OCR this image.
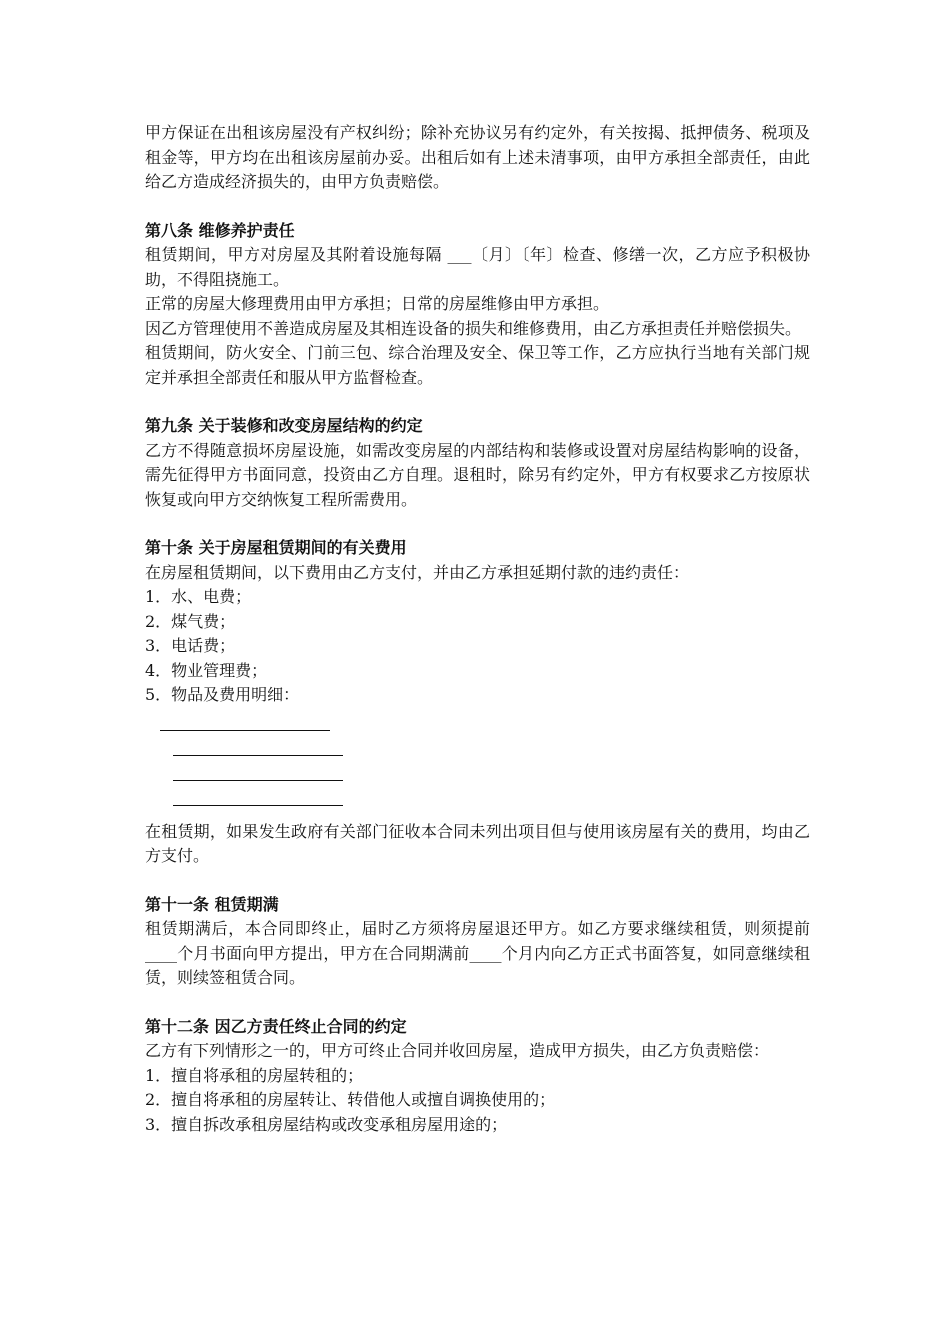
甲方保证在出租该房屋没有产权纠纷；除补充协议另有约定外，有关按揭、抵押债务、税项及租金等，甲方均在出租该房屋前办妥。出租后如有上述未清事项，由甲方承担全部责任，由此给乙方造成经济损失的，由甲方负责赔偿。

第八条 维修养护责任

租赁期间，甲方对房屋及其附着设施每隔 ___〔月〕〔年〕检查、修缮一次，乙方应予积极协助，不得阻挠施工。

正常的房屋大修理费用由甲方承担；日常的房屋维修由甲方承担。

因乙方管理使用不善造成房屋及其相连设备的损失和维修费用，由乙方承担责任并赔偿损失。

租赁期间，防火安全、门前三包、综合治理及安全、保卫等工作，乙方应执行当地有关部门规定并承担全部责任和服从甲方监督检查。

第九条 关于装修和改变房屋结构的约定

乙方不得随意损坏房屋设施，如需改变房屋的内部结构和装修或设置对房屋结构影响的设备，需先征得甲方书面同意，投资由乙方自理。退租时，除另有约定外，甲方有权要求乙方按原状恢复或向甲方交纳恢复工程所需费用。

第十条 关于房屋租赁期间的有关费用

在房屋租赁期间，以下费用由乙方支付，并由乙方承担延期付款的违约责任：

1．水、电费；

2．煤气费；

3．电话费；

4．物业管理费；

5．物品及费用明细：

在租赁期，如果发生政府有关部门征收本合同未列出项目但与使用该房屋有关的费用，均由乙方支付。

第十一条 租赁期满

租赁期满后，本合同即终止，届时乙方须将房屋退还甲方。如乙方要求继续租赁，则须提前____个月书面向甲方提出，甲方在合同期满前____个月内向乙方正式书面答复，如同意继续租赁，则续签租赁合同。

第十二条 因乙方责任终止合同的约定

乙方有下列情形之一的，甲方可终止合同并收回房屋，造成甲方损失，由乙方负责赔偿：

1．擅自将承租的房屋转租的；

2．擅自将承租的房屋转让、转借他人或擅自调换使用的；

3．擅自拆改承租房屋结构或改变承租房屋用途的；
